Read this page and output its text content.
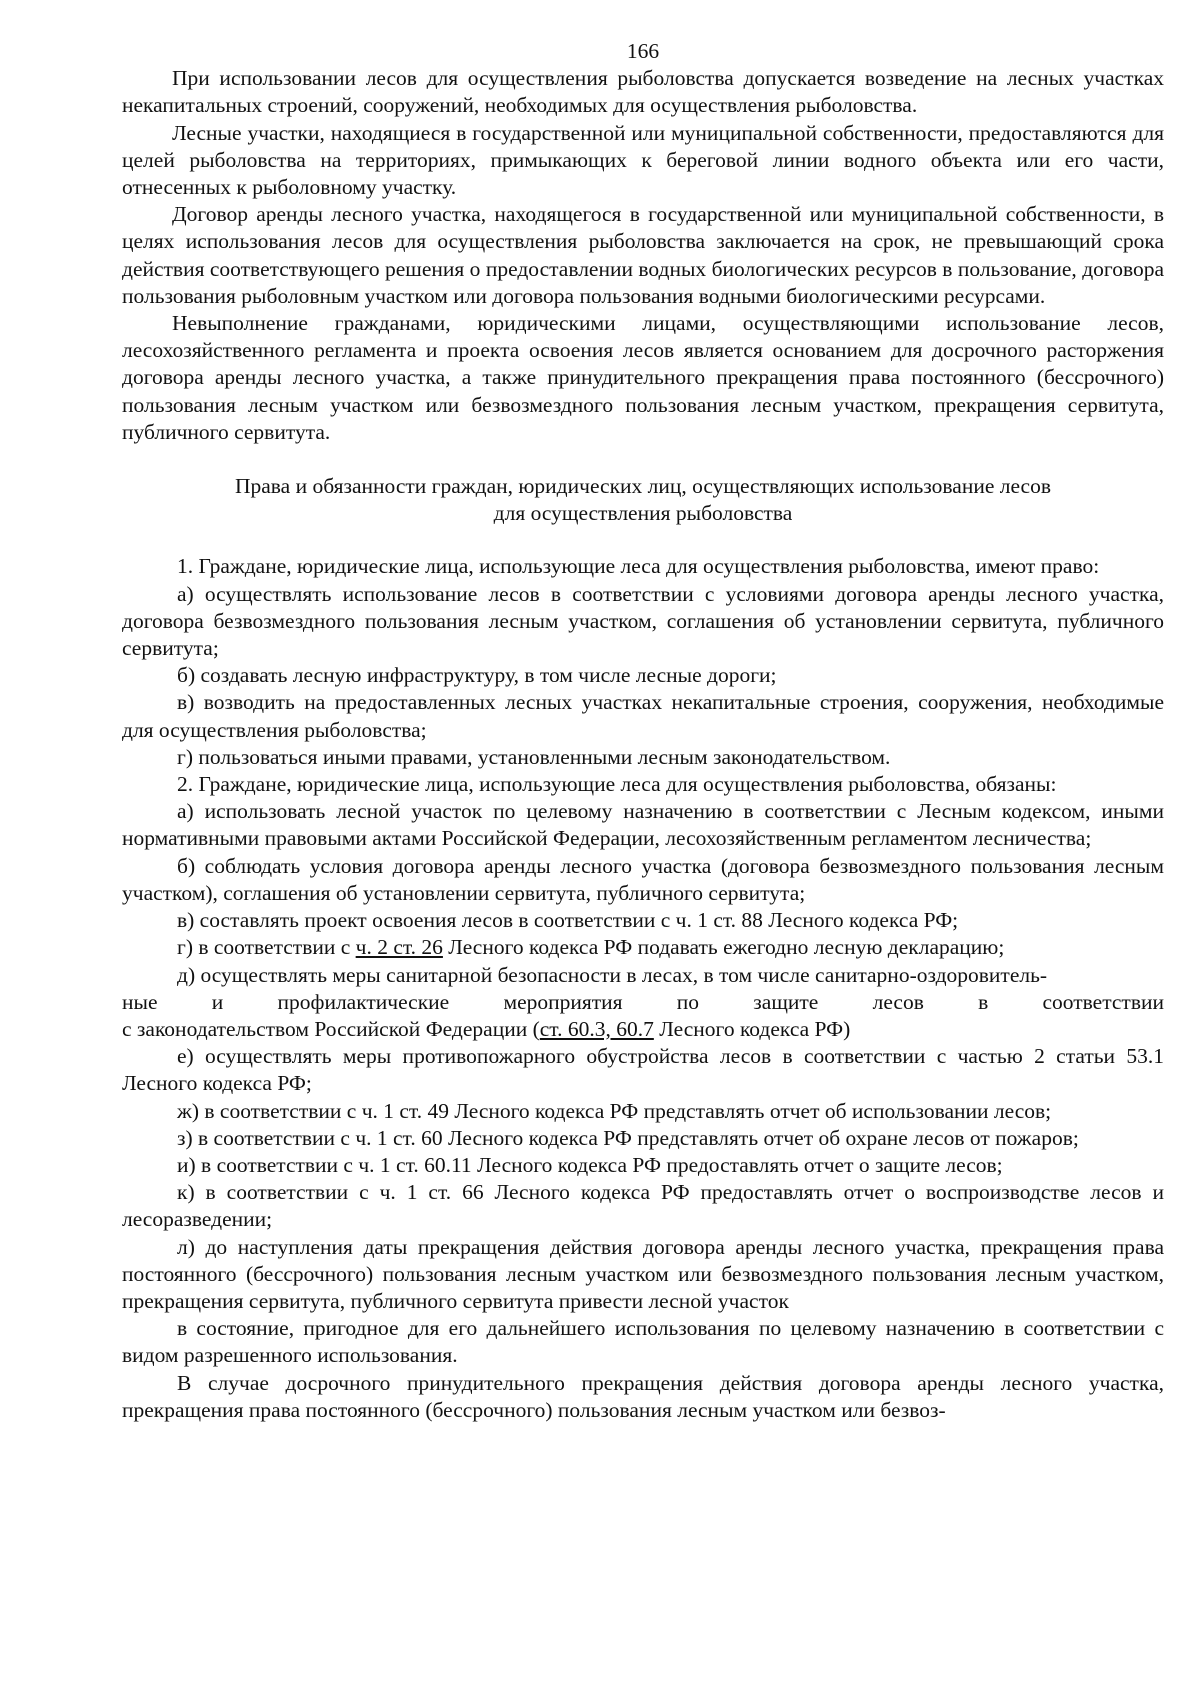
166

При использовании лесов для осуществления рыболовства допускается возведение на лесных участках некапитальных строений, сооружений, необходимых для осуществления рыболовства.

Лесные участки, находящиеся в государственной или муниципальной собственности, предоставляются для целей рыболовства на территориях, примыкающих к береговой линии водного объекта или его части, отнесенных к рыболовному участку.

Договор аренды лесного участка, находящегося в государственной или муниципальной собственности, в целях использования лесов для осуществления рыболовства заключается на срок, не превышающий срока действия соответствующего решения о предоставлении водных биологических ресурсов в пользование, договора пользования рыболовным участком или договора пользования водными биологическими ресурсами.

Невыполнение гражданами, юридическими лицами, осуществляющими использование лесов, лесохозяйственного регламента и проекта освоения лесов является основанием для досрочного расторжения договора аренды лесного участка, а также принудительного прекращения права постоянного (бессрочного) пользования лесным участком или безвозмездного пользования лесным участком, прекращения сервитута, публичного сервитута.

Права и обязанности граждан, юридических лиц, осуществляющих использование лесов
для осуществления рыболовства

1. Граждане, юридические лица, использующие леса для осуществления рыболовства, имеют право:

а) осуществлять использование лесов в соответствии с условиями договора аренды лесного участка, договора безвозмездного пользования лесным участком, соглашения об установлении сервитута, публичного сервитута;

б) создавать лесную инфраструктуру, в том числе лесные дороги;

в) возводить на предоставленных лесных участках некапитальные строения, сооружения, необходимые для осуществления рыболовства;

г) пользоваться иными правами, установленными лесным законодательством.

2. Граждане, юридические лица, использующие леса для осуществления рыболовства, обязаны:

а) использовать лесной участок по целевому назначению в соответствии с Лесным кодексом, иными нормативными правовыми актами Российской Федерации, лесохозяйственным регламентом лесничества;

б) соблюдать условия договора аренды лесного участка (договора безвозмездного пользования лесным участком), соглашения об установлении сервитута, публичного сервитута;

в) составлять проект освоения лесов в соответствии с ч. 1 ст. 88 Лесного кодекса РФ;

г) в соответствии с ч. 2 ст. 26 Лесного кодекса РФ подавать ежегодно лесную декларацию;

д) осуществлять меры санитарной безопасности в лесах, в том числе санитарно-оздоровитель-

ные и профилактические мероприятия по защите лесов в соответствии

с законодательством Российской Федерации (ст. 60.3, 60.7 Лесного кодекса РФ)

е) осуществлять меры противопожарного обустройства лесов в соответствии с частью 2 статьи 53.1 Лесного кодекса РФ;

ж) в соответствии с ч. 1 ст. 49 Лесного кодекса РФ представлять отчет об использовании лесов;

з) в соответствии с ч. 1 ст. 60 Лесного кодекса РФ представлять отчет об охране лесов от пожаров;

и) в соответствии с ч. 1 ст. 60.11 Лесного кодекса РФ предоставлять отчет о защите лесов;

к) в соответствии с ч. 1 ст. 66 Лесного кодекса РФ предоставлять отчет о воспроизводстве лесов и лесоразведении;

л) до наступления даты прекращения действия договора аренды лесного участка, прекращения права постоянного (бессрочного) пользования лесным участком или безвозмездного пользования лесным участком, прекращения сервитута, публичного сервитута привести лесной участок

в состояние, пригодное для его дальнейшего использования по целевому назначению в соответствии с видом разрешенного использования.

В случае досрочного принудительного прекращения действия договора аренды лесного участка, прекращения права постоянного (бессрочного) пользования лесным участком или безвоз-
